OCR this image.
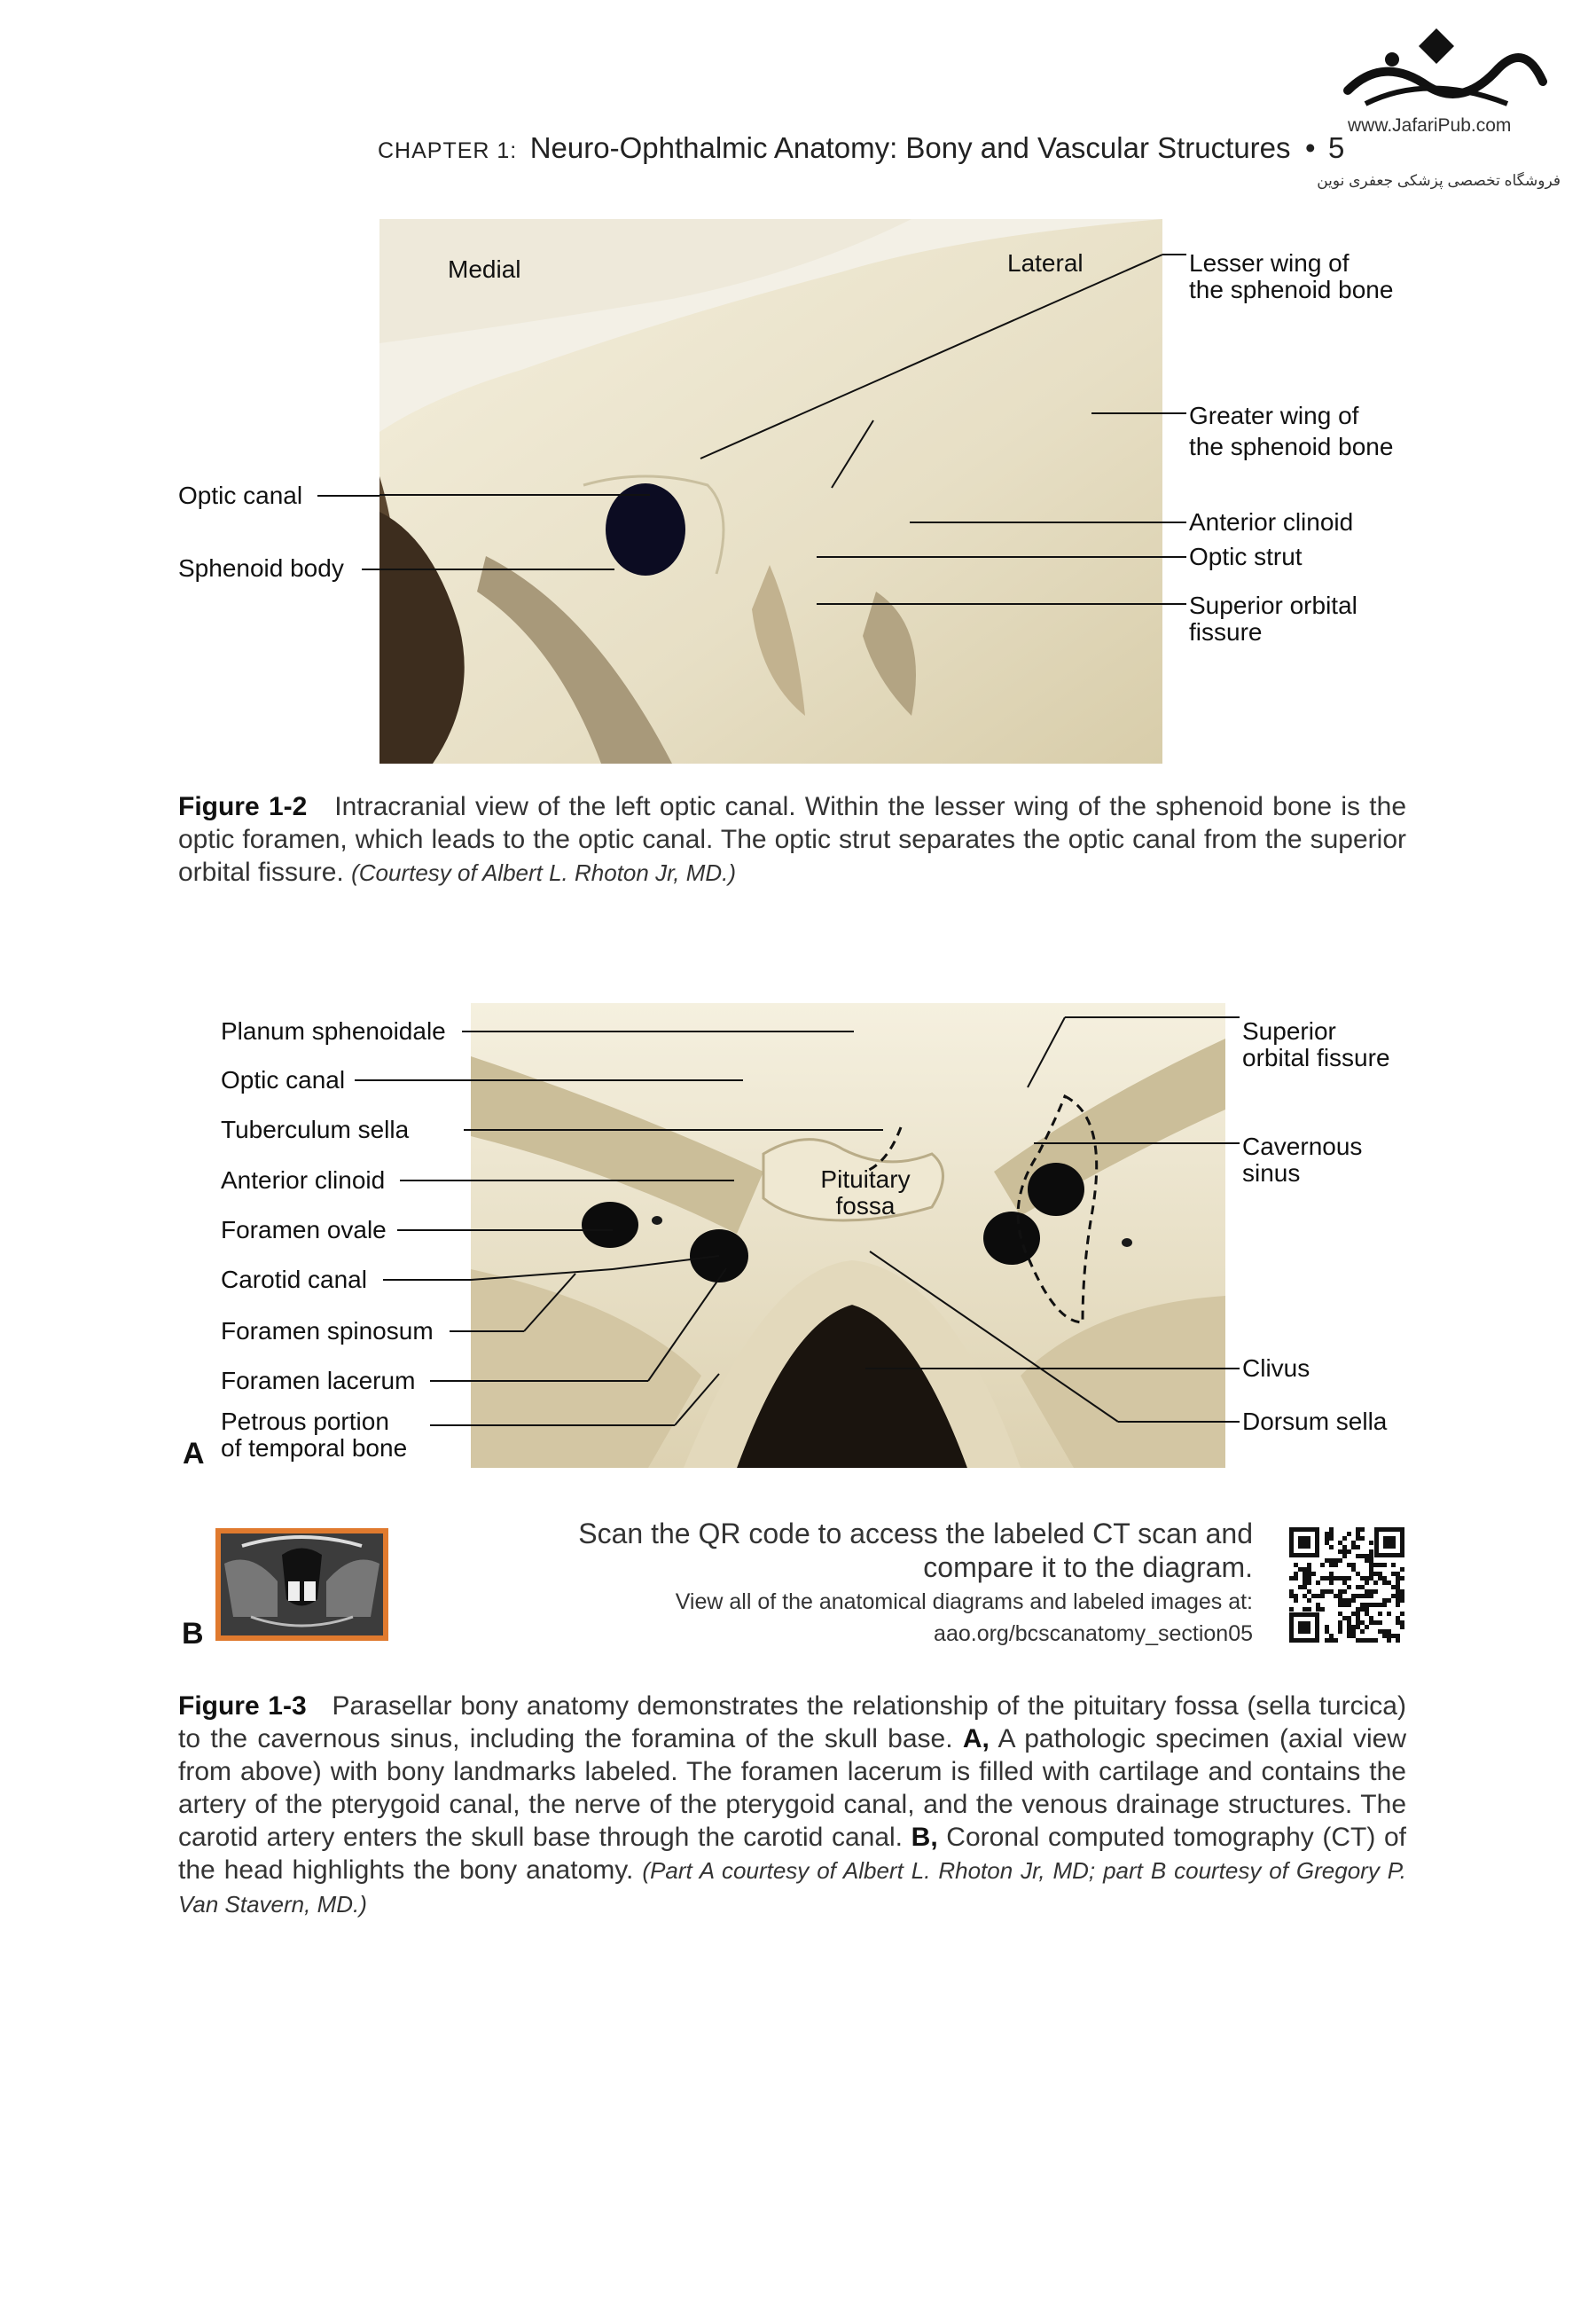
CHAPTER 1: Neuro-Ophthalmic Anatomy: Bony and Vascular Structures • 5
www.JafariPub.com
فروشگاه تخصصی پزشکی جعفری نوین
Medial	Lateral
Optic canal
Sphenoid body
Lesser wing of
the sphenoid bone
Greater wing of
the sphenoid bone
Anterior clinoid
Optic strut
Superior orbital
fissure
Figure 1-2 Intracranial view of the left optic canal. Within the lesser wing of the sphenoid bone is the optic foramen, which leads to the optic canal. The optic strut separates the optic canal from the superior orbital fissure. (Courtesy of Albert L. Rhoton Jr, MD.)
Pituitary
fossa
Planum sphenoidale
Optic canal
Tuberculum sella
Anterior clinoid
Foramen ovale
Carotid canal
Foramen spinosum
Foramen lacerum
Petrous portion
of temporal bone
A
Superior
orbital fissure
Cavernous
sinus
Clivus
Dorsum sella
B
Scan the QR code to access the labeled CT scan and
compare it to the diagram.
View all of the anatomical diagrams and labeled images at:
aao.org/bcscanatomy_section05
Figure 1-3 Parasellar bony anatomy demonstrates the relationship of the pituitary fossa (sella turcica) to the cavernous sinus, including the foramina of the skull base. A, A pathologic specimen (axial view from above) with bony landmarks labeled. The foramen lacerum is filled with cartilage and contains the artery of the pterygoid canal, the nerve of the pterygoid canal, and the venous drainage structures. The carotid artery enters the skull base through the carotid canal. B, Coronal computed tomography (CT) of the head highlights the bony anatomy. (Part A courtesy of Albert L. Rhoton Jr, MD; part B courtesy of Gregory P. Van Stavern, MD.)
